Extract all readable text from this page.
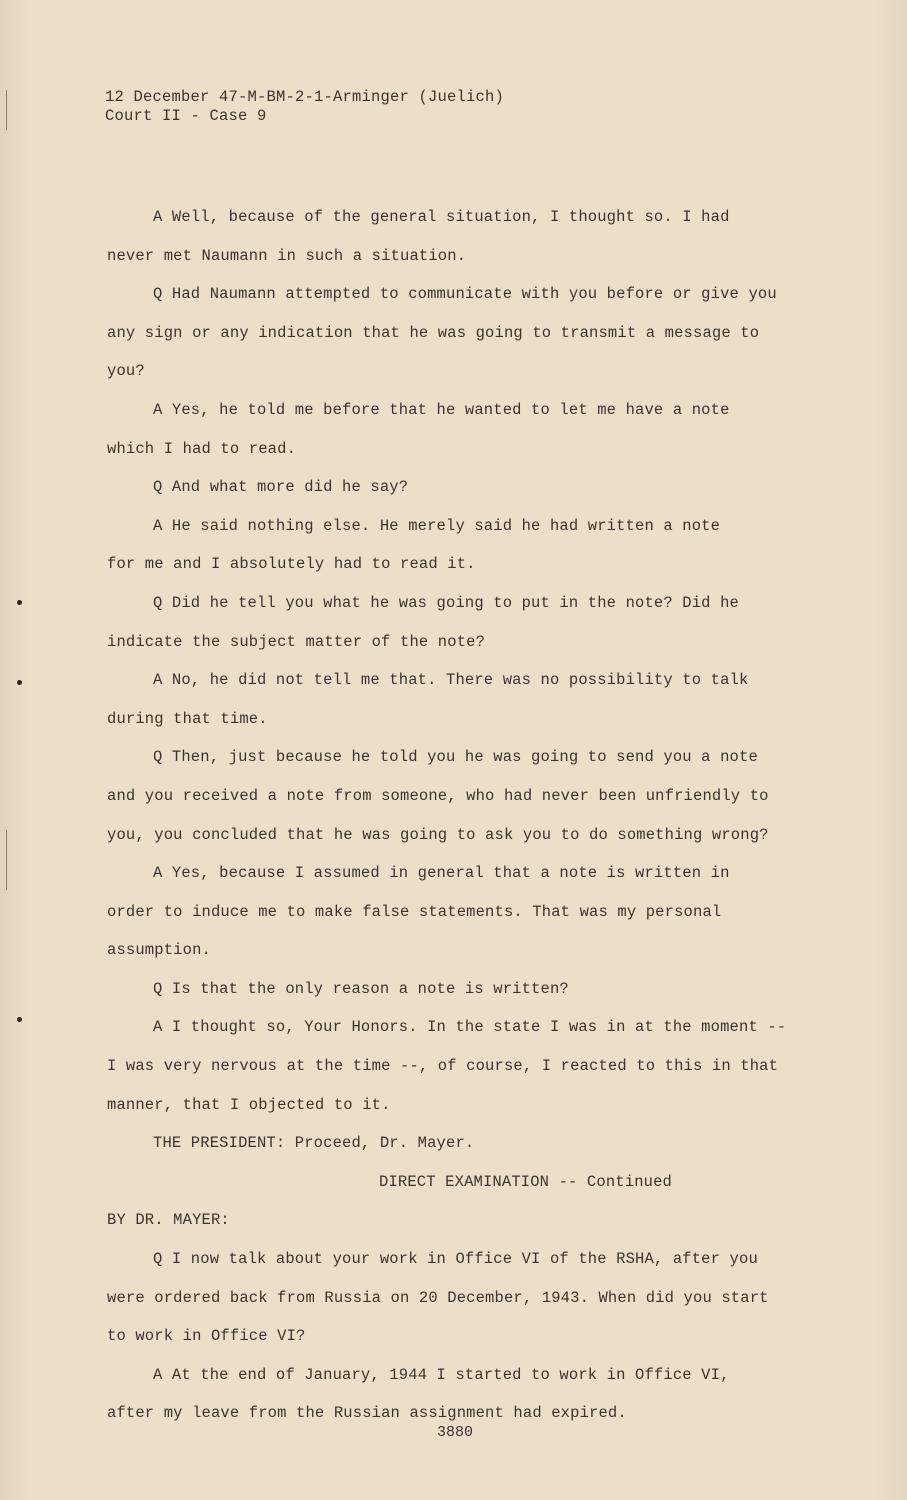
12 December 47-M-BM-2-1-Arminger (Juelich)
Court II - Case 9
A Well, because of the general situation, I thought so. I had
never met Naumann in such a situation.
Q Had Naumann attempted to communicate with you before or give you
any sign or any indication that he was going to transmit a message to
you?
A Yes, he told me before that he wanted to let me have a note
which I had to read.
Q And what more did he say?
A He said nothing else. He merely said he had written a note
for me and I absolutely had to read it.
Q Did he tell you what he was going to put in the note? Did he
indicate the subject matter of the note?
A No, he did not tell me that. There was no possibility to talk
during that time.
Q Then, just because he told you he was going to send you a note
and you received a note from someone, who had never been unfriendly to
you, you concluded that he was going to ask you to do something wrong?
A Yes, because I assumed in general that a note is written in
order to induce me to make false statements. That was my personal
assumption.
Q Is that the only reason a note is written?
A I thought so, Your Honors. In the state I was in at the moment --
I was very nervous at the time --, of course, I reacted to this in that
manner, that I objected to it.
THE PRESIDENT: Proceed, Dr. Mayer.
DIRECT EXAMINATION -- Continued
BY DR. MAYER:
Q I now talk about your work in Office VI of the RSHA, after you
were ordered back from Russia on 20 December, 1943. When did you start
to work in Office VI?
A At the end of January, 1944 I started to work in Office VI,
after my leave from the Russian assignment had expired.
3880
